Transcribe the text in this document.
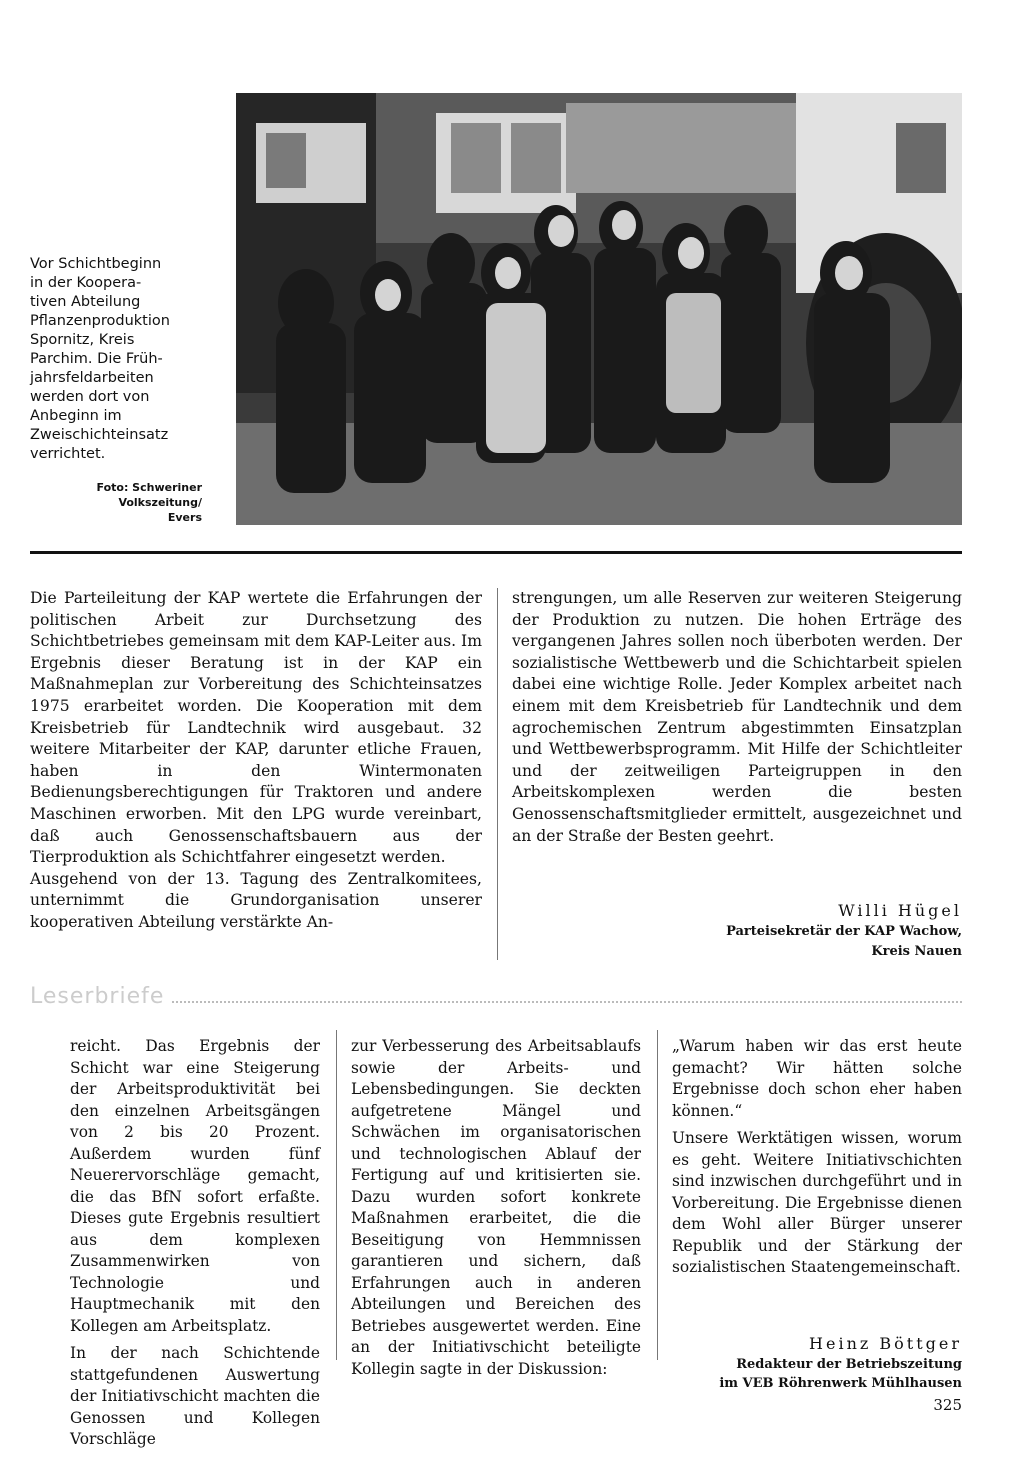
Vor Schichtbeginn
in der Koopera-
tiven Abteilung
Pflanzenproduktion
Spornitz, Kreis
Parchim. Die Früh-
jahrsfeldarbeiten
werden dort von
Anbeginn im
Zweischichteinsatz
verrichtet.

Foto: Schweriner
Volkszeitung/
Evers

Die Parteileitung der KAP wertete die Erfahrungen der politischen Arbeit zur Durchsetzung des Schichtbetriebes gemeinsam mit dem KAP-Leiter aus. Im Ergebnis dieser Beratung ist in der KAP ein Maßnahmeplan zur Vorbereitung des Schichteinsatzes 1975 erarbeitet worden. Die Kooperation mit dem Kreisbetrieb für Landtechnik wird ausgebaut. 32 weitere Mitarbeiter der KAP, darunter etliche Frauen, haben in den Wintermonaten Bedienungsberechtigungen für Traktoren und andere Maschinen erworben. Mit den LPG wurde vereinbart, daß auch Genossenschaftsbauern aus der Tierproduktion als Schichtfahrer eingesetzt werden.

Ausgehend von der 13. Tagung des Zentralkomitees, unternimmt die Grundorganisation unserer kooperativen Abteilung verstärkte An-

strengungen, um alle Reserven zur weiteren Steigerung der Produktion zu nutzen. Die hohen Erträge des vergangenen Jahres sollen noch überboten werden. Der sozialistische Wettbewerb und die Schichtarbeit spielen dabei eine wichtige Rolle. Jeder Komplex arbeitet nach einem mit dem Kreisbetrieb für Landtechnik und dem agrochemischen Zentrum abgestimmten Einsatzplan und Wettbewerbsprogramm. Mit Hilfe der Schichtleiter und der zeitweiligen Parteigruppen in den Arbeitskomplexen werden die besten Genossenschaftsmitglieder ermittelt, ausgezeichnet und an der Straße der Besten geehrt.

Willi Hügel
Parteisekretär der KAP Wachow,
Kreis Nauen
Leserbriefe

reicht. Das Ergebnis der Schicht war eine Steigerung der Arbeitsproduktivität bei den einzelnen Arbeitsgängen von 2 bis 20 Prozent. Außerdem wurden fünf Neuerervorschläge gemacht, die das BfN sofort erfaßte. Dieses gute Ergebnis resultiert aus dem komplexen Zusammenwirken von Technologie und Hauptmechanik mit den Kollegen am Arbeitsplatz.

In der nach Schichtende stattgefundenen Auswertung der Initiativschicht machten die Genossen und Kollegen Vorschläge

zur Verbesserung des Arbeitsablaufs sowie der Arbeits- und Lebensbedingungen. Sie deckten aufgetretene Mängel und Schwächen im organisatorischen und technologischen Ablauf der Fertigung auf und kritisierten sie. Dazu wurden sofort konkrete Maßnahmen erarbeitet, die die Beseitigung von Hemmnissen garantieren und sichern, daß Erfahrungen auch in anderen Abteilungen und Bereichen des Betriebes ausgewertet werden. Eine an der Initiativschicht beteiligte Kollegin sagte in der Diskussion:

„Warum haben wir das erst heute gemacht? Wir hätten solche Ergebnisse doch schon eher haben können.“

Unsere Werktätigen wissen, worum es geht. Weitere Initiativschichten sind inzwischen durchgeführt und in Vorbereitung. Die Ergebnisse dienen dem Wohl aller Bürger unserer Republik und der Stärkung der sozialistischen Staatengemeinschaft.

Heinz Böttger
Redakteur der Betriebszeitung
im VEB Röhrenwerk Mühlhausen
325
